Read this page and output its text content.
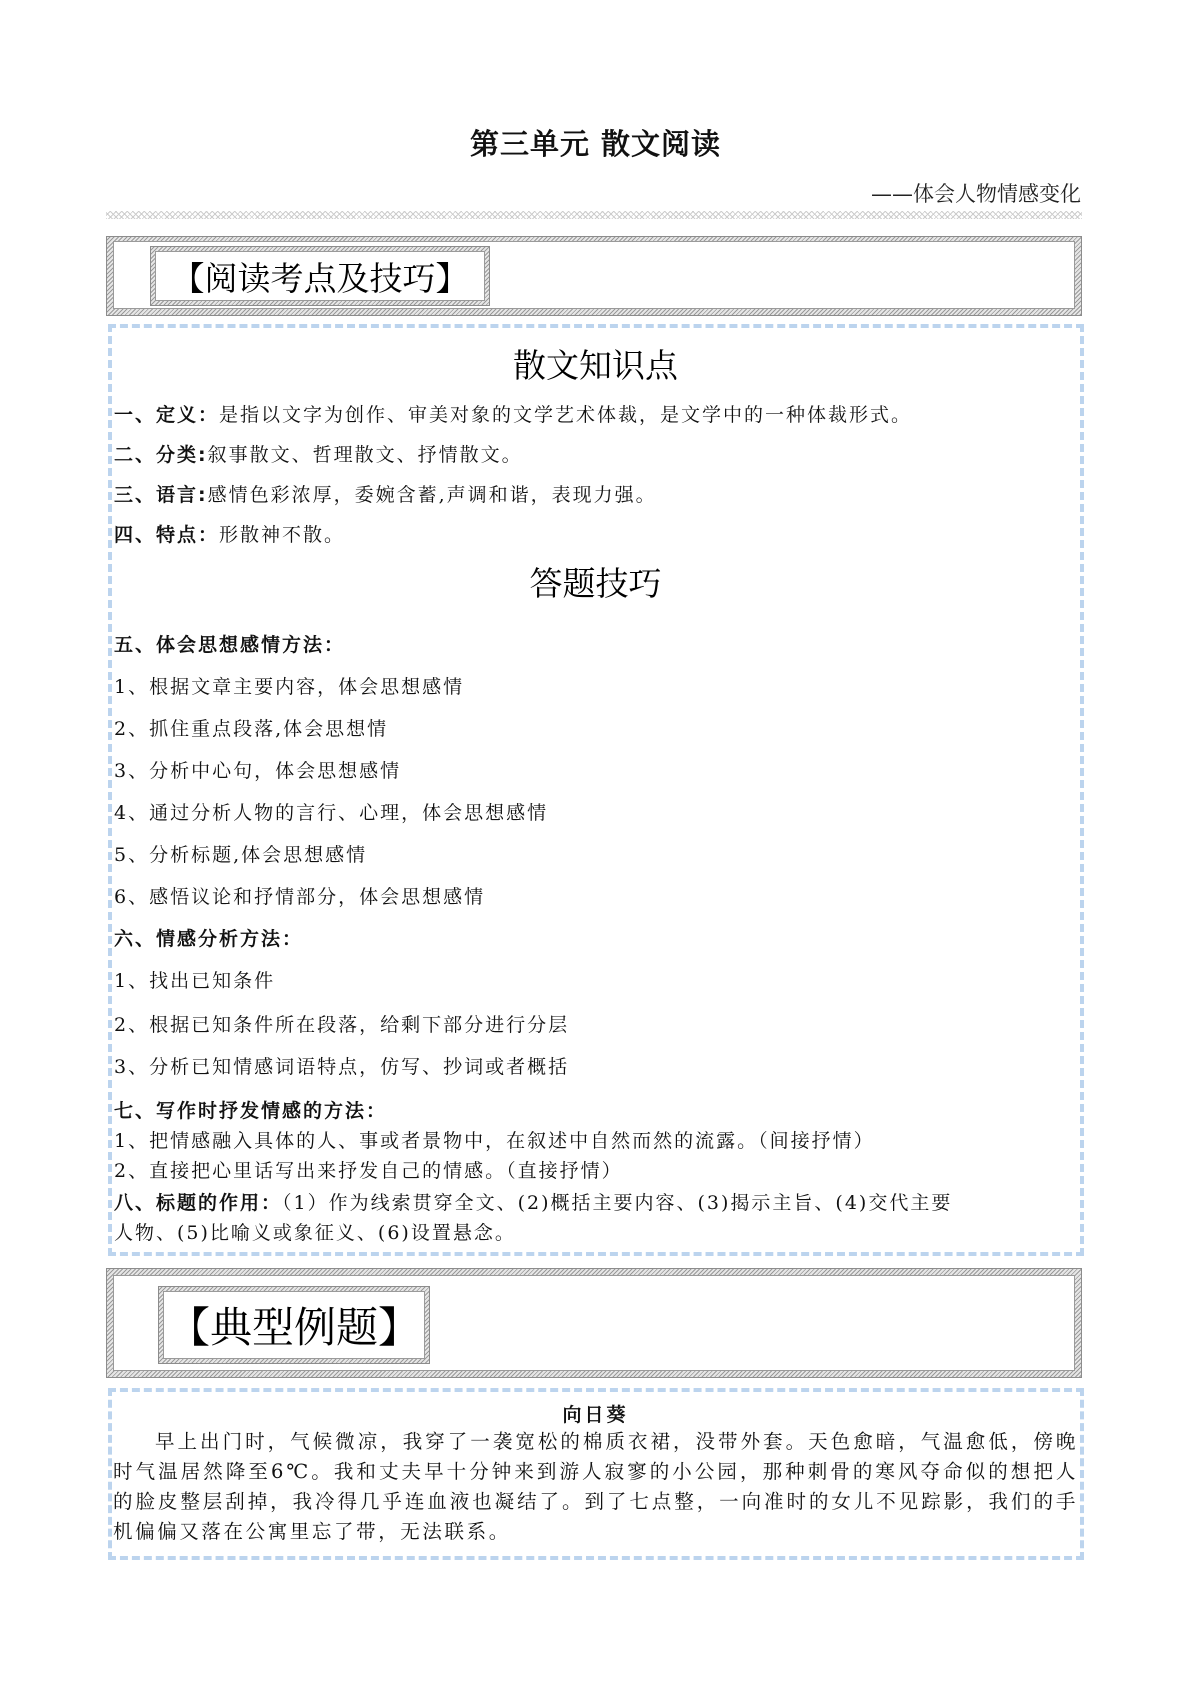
第三单元 散文阅读
——体会人物情感变化
【阅读考点及技巧】
散文知识点
一、定义：是指以文字为创作、审美对象的文学艺术体裁，是文学中的一种体裁形式。
二、分类:叙事散文、哲理散文、抒情散文。
三、语言:感情色彩浓厚，委婉含蓄,声调和谐，表现力强。
四、特点：形散神不散。
答题技巧
五、体会思想感情方法：
1、根据文章主要内容，体会思想感情
2、抓住重点段落,体会思想情
3、分析中心句，体会思想感情
4、通过分析人物的言行、心理，体会思想感情
5、分析标题,体会思想感情
6、感悟议论和抒情部分，体会思想感情
六、情感分析方法：
1、找出已知条件
2、根据已知条件所在段落，给剩下部分进行分层
3、分析已知情感词语特点，仿写、抄词或者概括
七、写作时抒发情感的方法：
1、把情感融入具体的人、事或者景物中，在叙述中自然而然的流露。（间接抒情）
2、直接把心里话写出来抒发自己的情感。（直接抒情）
八、标题的作用：（1）作为线索贯穿全文、(2)概括主要内容、(3)揭示主旨、(4)交代主要
人物、(5)比喻义或象征义、(6)设置悬念。
【典型例题】
向日葵
早上出门时，气候微凉，我穿了一袭宽松的棉质衣裙，没带外套。天色愈暗，气温愈低，傍晚时气温居然降至6℃。我和丈夫早十分钟来到游人寂寥的小公园，那种刺骨的寒风夺命似的想把人的脸皮整层刮掉，我冷得几乎连血液也凝结了。到了七点整，一向准时的女儿不见踪影，我们的手机偏偏又落在公寓里忘了带，无法联系。
